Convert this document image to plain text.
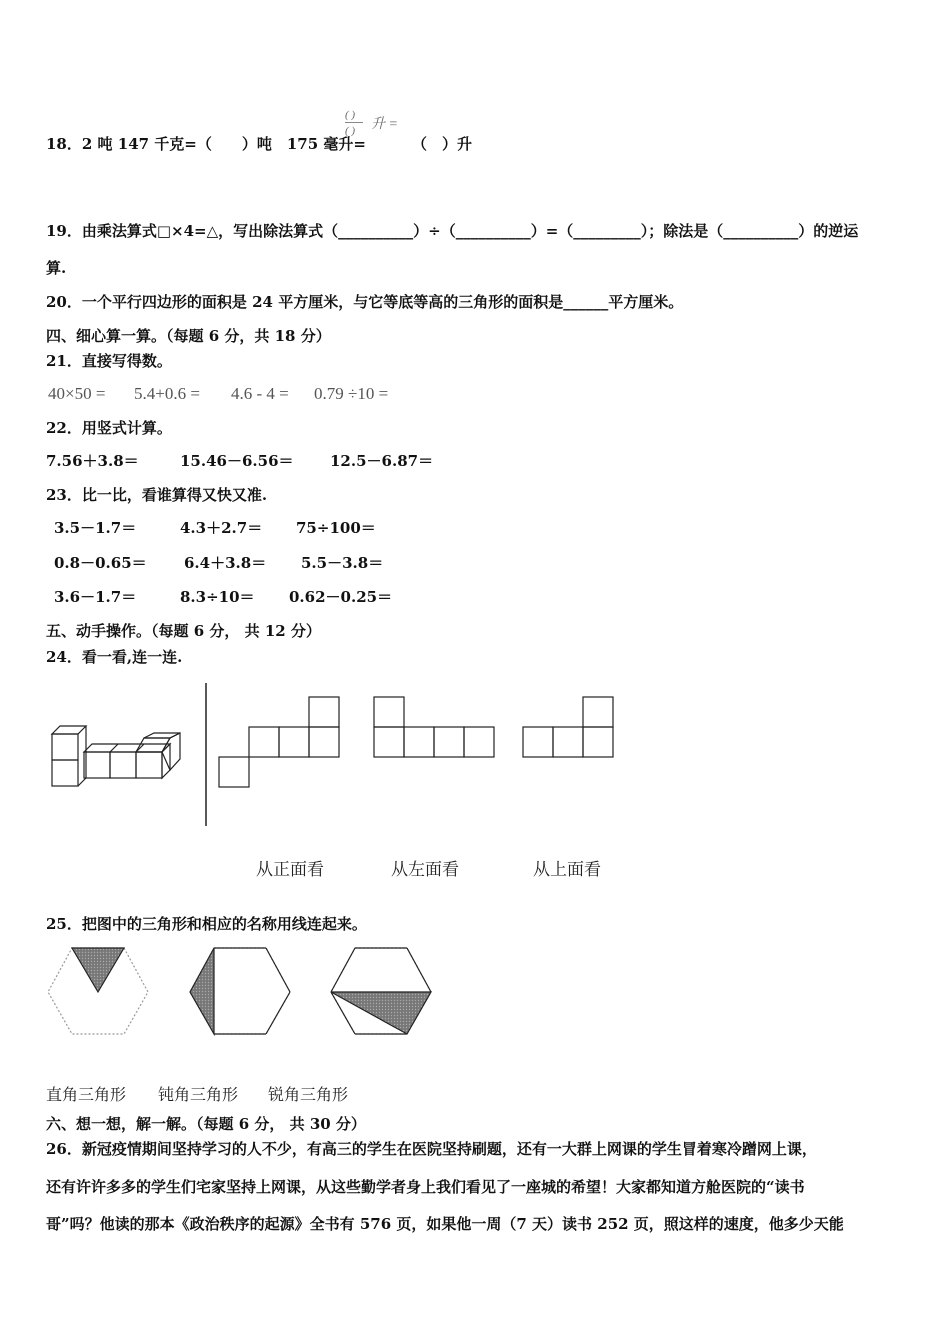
18．2 吨 147 千克=（　　）吨　175 毫升=
( )
( ) 升 =
（　）升
19．由乘法算式□×4=△，写出除法算式（__________）÷（__________）=（_________）；除法是（__________）的逆运
算.
20．一个平行四边形的面积是 24 平方厘米，与它等底等高的三角形的面积是______平方厘米。
四、细心算一算。（每题 6 分，共 18 分）
21．直接写得数。
40×50 = 5.4+0.6 = 4.6 - 4 = 0.79 ÷10 =
22．用竖式计算。
7.56＋3.8＝	15.46－6.56＝ 12.5－6.87＝
23．比一比，看谁算得又快又准.
3.5－1.7＝	4.3＋2.7＝ 75÷100＝
0.8－0.65＝ 6.4＋3.8＝ 5.5－3.8＝
3.6－1.7＝	8.3÷10＝ 0.62－0.25＝
五、动手操作。（每题 6 分， 共 12 分）
24．看一看,连一连.
从正面看	从左面看	从上面看
25．把图中的三角形和相应的名称用线连起来。
直角三角形 钝角三角形 锐角三角形
六、想一想，解一解。（每题 6 分， 共 30 分）
26．新冠疫情期间坚持学习的人不少，有高三的学生在医院坚持刷题，还有一大群上网课的学生冒着寒冷蹭网上课，
还有许许多多的学生们宅家坚持上网课，从这些勤学者身上我们看见了一座城的希望！大家都知道方舱医院的“读书
哥”吗？他读的那本《政治秩序的起源》全书有 576 页，如果他一周（7 天）读书 252 页，照这样的速度，他多少天能
